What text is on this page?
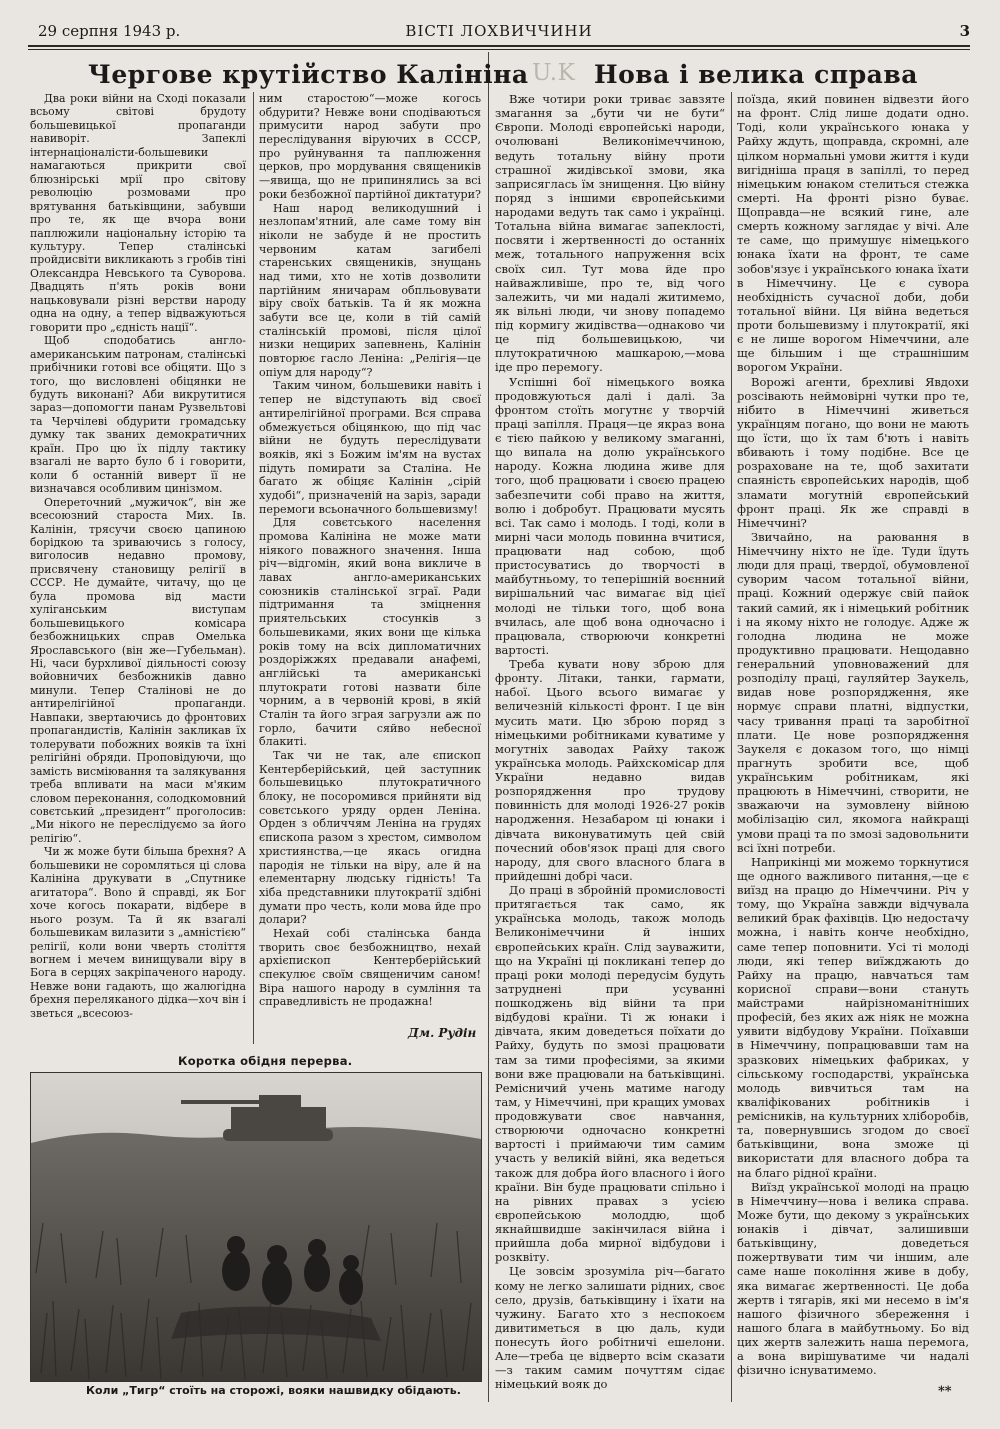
29 серпня 1943 р.	ВІСТІ ЛОХВИЧЧИНИ	3
Чергове крутійство Калініна

Два роки війни на Сході показали всьому світові брудоту большевицької пропаганди навиворіт. Запеклі інтернаціоналісти-большевики намагаються прикрити свої блюзнірські мрії про світову революцію розмовами про врятування батьківщини, забувши про те, як ще вчора вони паплюжили національну історію та культуру. Тепер сталінські пройдисвіти викликають з гробів тіні Олександра Невського та Суворова. Двадцять п'ять років вони нацьковували різні верстви народу одна на одну, а тепер відважуються говорити про „єдність нації“.

Щоб сподобатись англо-американським патронам, сталінські прибічники готові все обіцяти. Що з того, що висловлені обіцянки не будуть виконані? Аби викрутитися зараз—допомогти панам Рузвельтові та Черчілеві обдурити громадську думку так званих демократичних країн. Про цю їх підлу тактику взагалі не варто було б і говорити, коли б останній виверт її не визначався особливим цинізмом.

Опереточний „мужичок“, він же всесоюзний староста Мих. Ів. Калінін, трясучи своєю цапиною борідкою та зриваючись з голосу, виголосив недавно промову, присвячену становищу релігії в СССР. Не думайте, читачу, що це була промова від масти хуліганським виступам большевицького комісара безбожницьких справ Омелька Ярославського (він же—Губельман). Ні, часи бурхливої діяльності союзу войовничих безбожників давно минули. Тепер Сталінові не до антирелігійної пропаганди. Навпаки, звертаючись до фронтових пропагандистів, Калінін закликав їх толерувати побожних вояків та їхні релігійні обряди. Проповідуючи, що замість висміювання та залякування треба впливати на маси м'яким словом переконання, солодкомовний совєтський „президент“ проголосив: „Ми нікого не переслідуємо за його релігію“.

Чи ж може бути більша брехня? А большевики не соромляться ці слова Калініна друкувати в „Спутнике агитатора“. Вono й справді, як Бог хоче когось покарати, відбере в нього розум. Та й як взагалі большевикам вилазити з „амністією“ релігії, коли вони чверть століття вогнем і мечем винищували віру в Бога в серцях закріпаченого народу. Невже вони гадають, що жалюгідна брехня переляканого дідка—хоч він і зветься „всесоюз-

ним старостою“—може когось обдурити? Невже вони сподіваються примусити народ забути про переслідування віруючих в СССР, про руйнування та паплюження церков, про мордування священиків—явища, що не припинялись за всі роки безбожної партійної диктатури?

Наш народ великодушний і незлопам'ятний, але саме тому він ніколи не забуде й не простить червоним катам загибелі старенських священиків, знущань над тими, хто не хотів дозволити партійним яничарам обпльовувати віру своїх батьків. Та й як можна забути все це, коли в тій самій сталінській промові, після цілої низки нещирих запевнень, Калінін повторює гасло Леніна: „Релігія—це опіум для народу“?

Таким чином, большевики навіть і тепер не відступають від своєї антирелігійної програми. Вся справа обмежується обіцянкою, що під час війни не будуть переслідувати вояків, які з Божим ім'ям на вустах підуть помирати за Сталіна. Не багато ж обіцяє Калінін „сірій худобі“, призначеній на заріз, заради перемоги всьоначного большевизму!

Для совєтського населення промова Калініна не може мати ніякого поважного значення. Інша річ—відгомін, який вона викличе в лавах англо-американських союзників сталінської зграї. Ради підтримання та зміцнення приятельських стосунків з большевиками, яких вони ще кілька років тому на всіх дипломатичних роздоріжжях предавали анафемі, англійські та американські плутократи готові назвати біле чорним, а в червоній крові, в якій Сталін та його зграя загрузли аж по горло, бачити сяйво небесної блакиті.

Так чи не так, але єпископ Кентерберійський, цей заступник большевицько плутократичного блоку, не посоромився прийняти від совєтського уряду орден Леніна. Орден з обличчям Леніна на грудях єпископа разом з хрестом, символом християнства,—це якась огидна пародія не тільки на віру, але й на елементарну людську гідність! Та хіба представники плутократії здібні думати про честь, коли мова йде про долари?

Нехай собі сталінська банда творить своє безбожництво, нехай архієпископ Кентерберійський спекулює своїм священичим саном! Віра нашого народу в сумління та справедливість не продажна!

Дм. Рудін
Коротка обідня перерва.
Коли „Тигр“ стоїть на сторожі, вояки нашвидку обідають.
U.K Нова і велика справа

Вже чотири роки триває завзяте змагання за „бути чи не бути“ Європи. Молоді європейські народи, очолювані Великонімеччиною, ведуть тотальну війну проти страшної жидівської змови, яка заприсяглась їм знищення. Цю війну поряд з іншими європейськими народами ведуть так само і українці. Тотальна війна вимагає запеклості, посвяти і жертвенності до останніх меж, тотального напруження всіх своїх сил. Тут мова йде про найважливіше, про те, від чого залежить, чи ми надалі житимемо, як вільні люди, чи знову попадемо під кормигу жидівства—однаково чи це під большевицькою, чи плутократичною машкарою,—мова іде про перемогу.

Успішні бої німецького вояка продовжуються далі і далі. За фронтом стоїть могутнє у творчій праці запілля. Праця—це якраз вона є тією пайкою у великому змаганні, що випала на долю українського народу. Кожна людина живе для того, щоб працювати і своєю працею забезпечити собі право на життя, волю і добробут. Працювати мусять всі. Так само і молодь. І тоді, коли в мирні часи молодь повинна вчитися, працювати над собою, щоб пристосуватись до творчості в майбутньому, то теперішній воєнний вирішальний час вимагає від цієї молоді не тільки того, щоб вона вчилась, але щоб вона одночасно і працювала, створюючи конкретні вартості.

Треба кувати нову зброю для фронту. Літаки, танки, гармати, набої. Цього всього вимагає у величезній кількості фронт. І це він мусить мати. Цю зброю поряд з німецькими робітниками куватиме у могутніх заводах Райху також українська молодь. Райхскомісар для України недавно видав розпорядження про трудову повинність для молоді 1926-27 років народження. Незабаром ці юнаки і дівчата виконуватимуть цей свій почесний обов'язок праці для свого народу, для свого власного блага в прийдешні добрі часи.

До праці в збройній промисловості притягається так само, як українська молодь, також молодь Великонімеччини й інших європейських країн. Слід зауважити, що на Україні ці покликані тепер до праці роки молоді передусім будуть затруднені при усуванні пошкоджень від війни та при відбудові країни. Ті ж юнаки і дівчата, яким доведеться поїхати до Райху, будуть по змозі працювати там за тими професіями, за якими вони вже працювали на батьківщині. Ремісничий учень матиме нагоду там, у Німеччині, при кращих умовах продовжувати своє навчання, створюючи одночасно конкретні вартості і приймаючи тим самим участь у великій війні, яка ведеться також для добра його власного і його країни. Він буде працювати спільно і на рівних правах з усією європейською молоддю, щоб якнайшвидше закінчилася війна і прийшла доба мирної відбудови і розквіту.

Це зовсім зрозуміла річ—багато кому не легко залишати рідних, своє село, друзів, батьківщину і їхати на чужину. Багато хто з неспокоєм дивитиметься в цю даль, куди понесуть його робітничі ешелони. Але—треба це відверто всім сказати—з таким самим почуттям сідає німецький вояк до

поїзда, який повинен відвезти його на фронт. Слід лише додати одно. Тоді, коли українського юнака у Райху ждуть, щоправда, скромні, але цілком нормальні умови життя і куди вигідніша праця в запіллі, то перед німецьким юнаком стелиться стежка смерті. На фронті різно буває. Щоправда—не всякий гине, але смерть кожному заглядає у вічі. Але те саме, що примушує німецького юнака їхати на фронт, те саме зобов'язує і українського юнака їхати в Німеччину. Це є сувора необхідність сучасної доби, доби тотальної війни. Ця війна ведеться проти большевизму і плутократії, які є не лише ворогом Німеччини, але ще більшим і ще страшнішим ворогом України.

Ворожі агенти, брехливі Явдохи розсівають неймовірні чутки про те, нібито в Німеччині живеться українцям погано, що вони не мають що їсти, що їх там б'ють і навіть вбивають і тому подібне. Все це розраховане на те, щоб захитати спаяність європейських народів, щоб зламати могутній європейський фронт праці. Як же справді в Німеччині?

Звичайно, на раювання в Німеччину ніхто не їде. Туди їдуть люди для праці, твердої, обумовленої суворим часом тотальної війни, праці. Кожний одержує свій пайок такий самий, як і німецький робітник і на якому ніхто не голодує. Адже ж голодна людина не може продуктивно працювати. Нещодавно генеральний уповноважений для розподілу праці, гауляйтер Заукель, видав нове розпорядження, яке нормує справи платні, відпустки, часу тривання праці та заробітної плати. Це нове розпорядження Заукеля є доказом того, що німці прагнуть зробити все, щоб українським робітникам, які працюють в Німеччині, створити, не зважаючи на зумовлену війною мобілізацію сил, якомога найкращі умови праці та по змозі задовольнити всі їхні потреби.

Наприкінці ми можемо торкнутися ще одного важливого питання,—це є виїзд на працю до Німеччини. Річ у тому, що Україна завжди відчувала великий брак фахівців. Цю недостачу можна, і навіть конче необхідно, саме тепер поповнити. Усі ті молоді люди, які тепер виїжджають до Райху на працю, навчаться там корисної справи—вони стануть майстрами найрізноманітніших професій, без яких аж ніяк не можна уявити відбудову України. Поїхавши в Німеччину, попрацювавши там на зразкових німецьких фабриках, у сільському господарстві, українська молодь вивчиться там на кваліфікованих робітників і ремісників, на культурних хліборобів, та, повернувшись згодом до своєї батьківщини, вона зможе ці використати для власного добра та на благо рідної країни.

Виїзд української молоді на працю в Німеччину—нова і велика справа. Може бути, що декому з українських юнаків і дівчат, залишивши батьківщину, доведеться пожертвувати тим чи іншим, але саме наше покоління живе в добу, яка вимагає жертвенності. Це доба жертв і тягарів, які ми несемо в ім'я нашого фізичного збереження і нашого блага в майбутньому. Бо від цих жертв залежить наша перемога, а вона вирішуватиме чи надалі фізично існуватимемо.

**
